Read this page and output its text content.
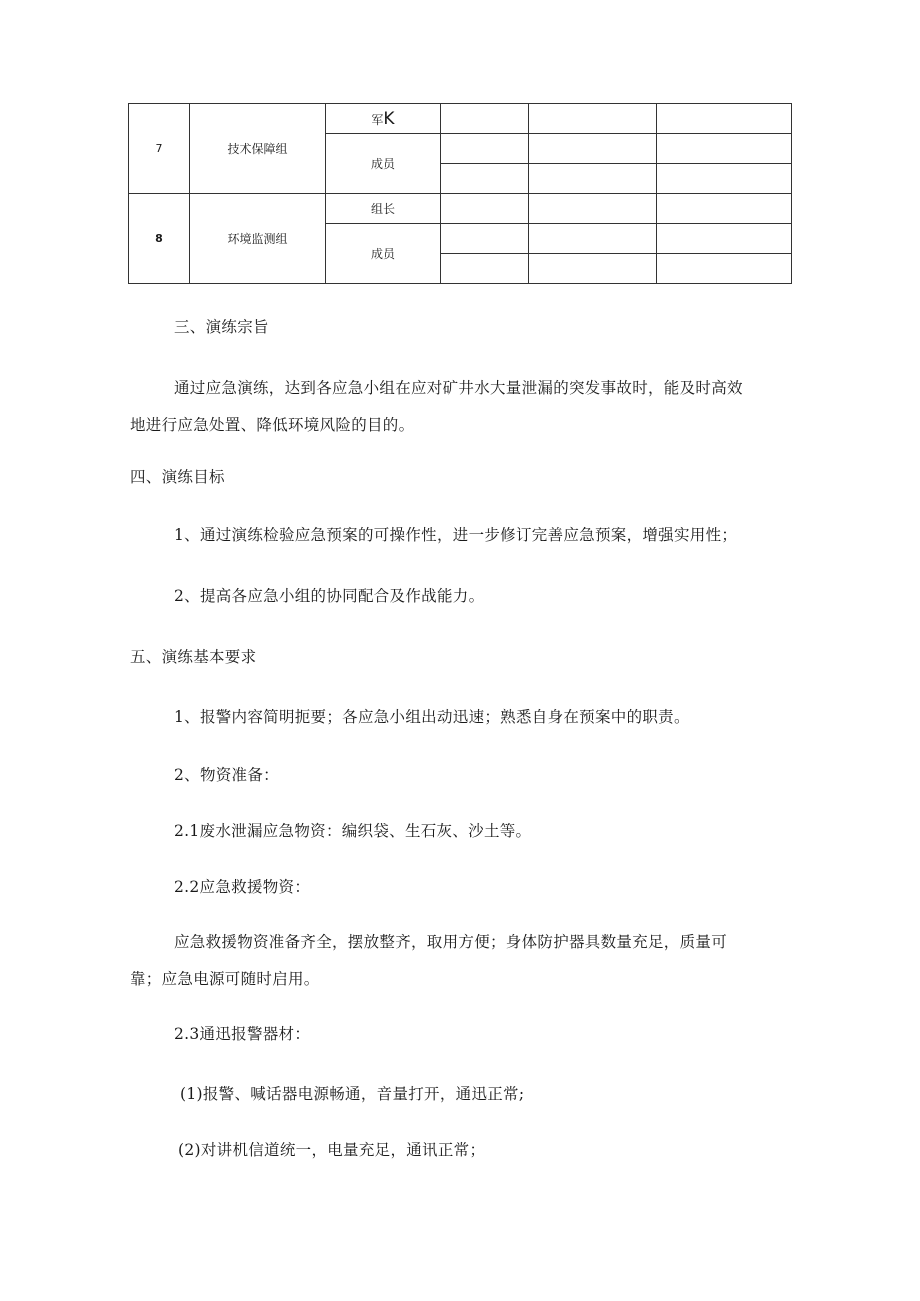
7	技术保障组	军K			
		成员			

8	环境监测组	组长			
		成员			

三、演练宗旨

通过应急演练，达到各应急小组在应对矿井水大量泄漏的突发事故时，能及时高效地进行应急处置、降低环境风险的目的。

四、演练目标

1、通过演练检验应急预案的可操作性，进一步修订完善应急预案，增强实用性；

2、提高各应急小组的协同配合及作战能力。

五、演练基本要求

1、报警内容简明扼要；各应急小组出动迅速；熟悉自身在预案中的职责。

2、物资准备：

2.1废水泄漏应急物资：编织袋、生石灰、沙土等。

2.2应急救援物资：

应急救援物资准备齐全，摆放整齐，取用方便；身体防护器具数量充足，质量可靠；应急电源可随时启用。

2.3通迅报警器材：

(1)报警、喊话器电源畅通，音量打开，通迅正常;

(2)对讲机信道统一，电量充足，通讯正常；
